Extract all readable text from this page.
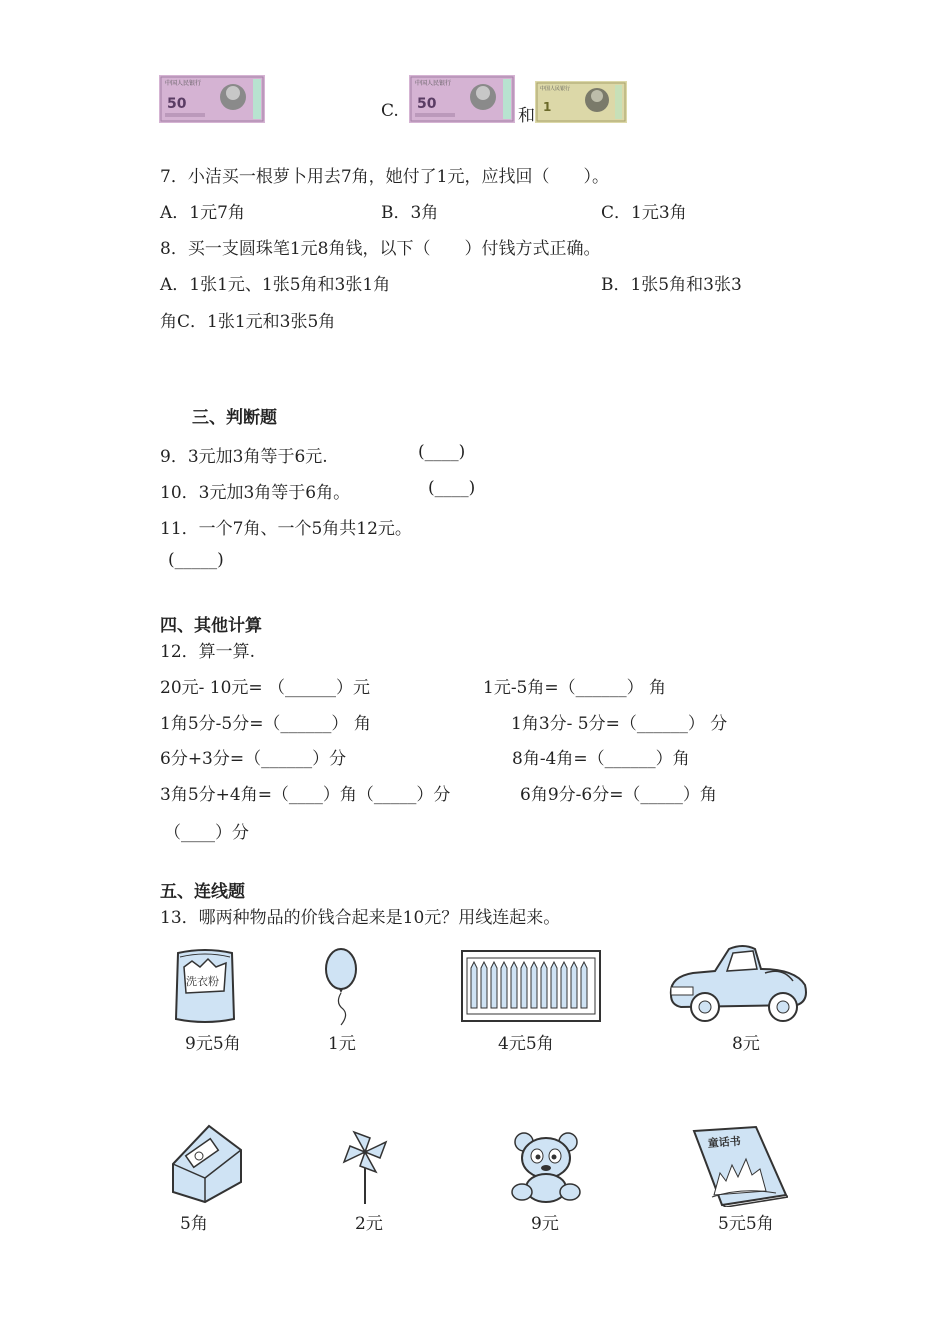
中国人民银行
50	C.
中国人民银行
50
和
中国人民银行
1
7．小洁买一根萝卜用去7角，她付了1元，应找回（　　）。
A．1元7角	B．3角	C．1元3角
8．买一支圆珠笔1元8角钱，以下（　　）付钱方式正确。
A．1张1元、1张5角和3张1角	B．1张5角和3张3
角C．1张1元和3张5角
三、判断题
9．3元加3角等于6元.	(____)
10．3元加3角等于6角。	(____)
11．一个7角、一个5角共12元。
(_____)
四、其他计算
12．算一算.
20元- 10元= （______）元	1元-5角=（______） 角
1角5分-5分=（______） 角	1角3分- 5分=（______） 分
6分+3分=（______）分	8角-4角=（______）角
3角5分+4角=（____）角（_____）分	6角9分-6分=（_____）角
（____）分
五、连线题
13．哪两种物品的价钱合起来是10元？用线连起来。
洗衣粉
9元5角	1元	4元5角	8元
5角	2元	9元
童话书
5元5角
